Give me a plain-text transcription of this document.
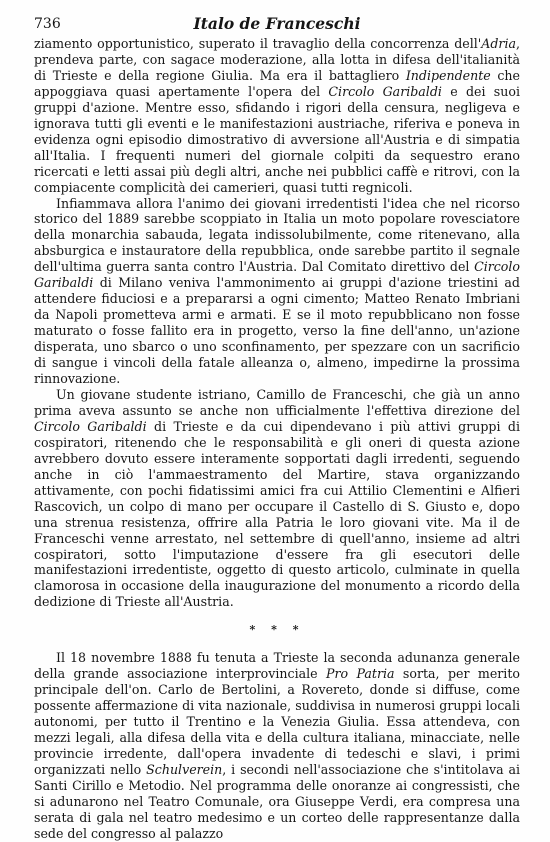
736	Italo de Franceschi

ziamento opportunistico, superato il travaglio della concorrenza dell'Adria, prendeva parte, con sagace moderazione, alla lotta in difesa dell'italianità di Trieste e della regione Giulia. Ma era il battagliero Indipendente che appoggiava quasi apertamente l'opera del Circolo Garibaldi e dei suoi gruppi d'azione. Mentre esso, sfidando i rigori della censura, negligeva e ignorava tutti gli eventi e le manifestazioni austriache, riferiva e poneva in evidenza ogni episodio dimostrativo di avversione all'Austria e di simpatia all'Italia. I frequenti numeri del giornale colpiti da sequestro erano ricercati e letti assai più degli altri, anche nei pubblici caffè e ritrovi, con la compiacente complicità dei camerieri, quasi tutti regnicoli.

Infiammava allora l'animo dei giovani irredentisti l'idea che nel ricorso storico del 1889 sarebbe scoppiato in Italia un moto popolare rovesciatore della monarchia sabauda, legata indissolubilmente, come ritenevano, alla absburgica e instauratore della repubblica, onde sarebbe partito il segnale dell'ultima guerra santa contro l'Austria. Dal Comitato direttivo del Circolo Garibaldi di Milano veniva l'ammonimento ai gruppi d'azione triestini ad attendere fiduciosi e a prepararsi a ogni cimento; Matteo Renato Imbriani da Napoli prometteva armi e armati. E se il moto repubblicano non fosse maturato o fosse fallito era in progetto, verso la fine dell'anno, un'azione disperata, uno sbarco o uno sconfinamento, per spezzare con un sacrificio di sangue i vincoli della fatale alleanza o, almeno, impedirne la prossima rinnovazione.

Un giovane studente istriano, Camillo de Franceschi, che già un anno prima aveva assunto se anche non ufficialmente l'effettiva direzione del Circolo Garibaldi di Trieste e da cui dipendevano i più attivi gruppi di cospiratori, ritenendo che le responsabilità e gli oneri di questa azione avrebbero dovuto essere interamente sopportati dagli irredenti, seguendo anche in ciò l'ammaestramento del Martire, stava organizzando attivamente, con pochi fidatissimi amici fra cui Attilio Clementini e Alfieri Rascovich, un colpo di mano per occupare il Castello di S. Giusto e, dopo una strenua resistenza, offrire alla Patria le loro giovani vite. Ma il de Franceschi venne arrestato, nel settembre di quell'anno, insieme ad altri cospiratori, sotto l'imputazione d'essere fra gli esecutori delle manifestazioni irredentiste, oggetto di questo articolo, culminate in quella clamorosa in occasione della inaugurazione del monumento a ricordo della dedizione di Trieste all'Austria.

* * *

Il 18 novembre 1888 fu tenuta a Trieste la seconda adunanza generale della grande associazione interprovinciale Pro Patria sorta, per merito principale dell'on. Carlo de Bertolini, a Rovereto, donde si diffuse, come possente affermazione di vita nazionale, suddivisa in numerosi gruppi locali autonomi, per tutto il Trentino e la Venezia Giulia. Essa attendeva, con mezzi legali, alla difesa della vita e della cultura italiana, minacciate, nelle provincie irredente, dall'opera invadente di tedeschi e slavi, i primi organizzati nello Schulverein, i secondi nell'associazione che s'intitolava ai Santi Cirillo e Metodio. Nel programma delle onoranze ai congressisti, che si adunarono nel Teatro Comunale, ora Giuseppe Verdi, era compresa una serata di gala nel teatro medesimo e un corteo delle rappresentanze dalla sede del congresso al palazzo
